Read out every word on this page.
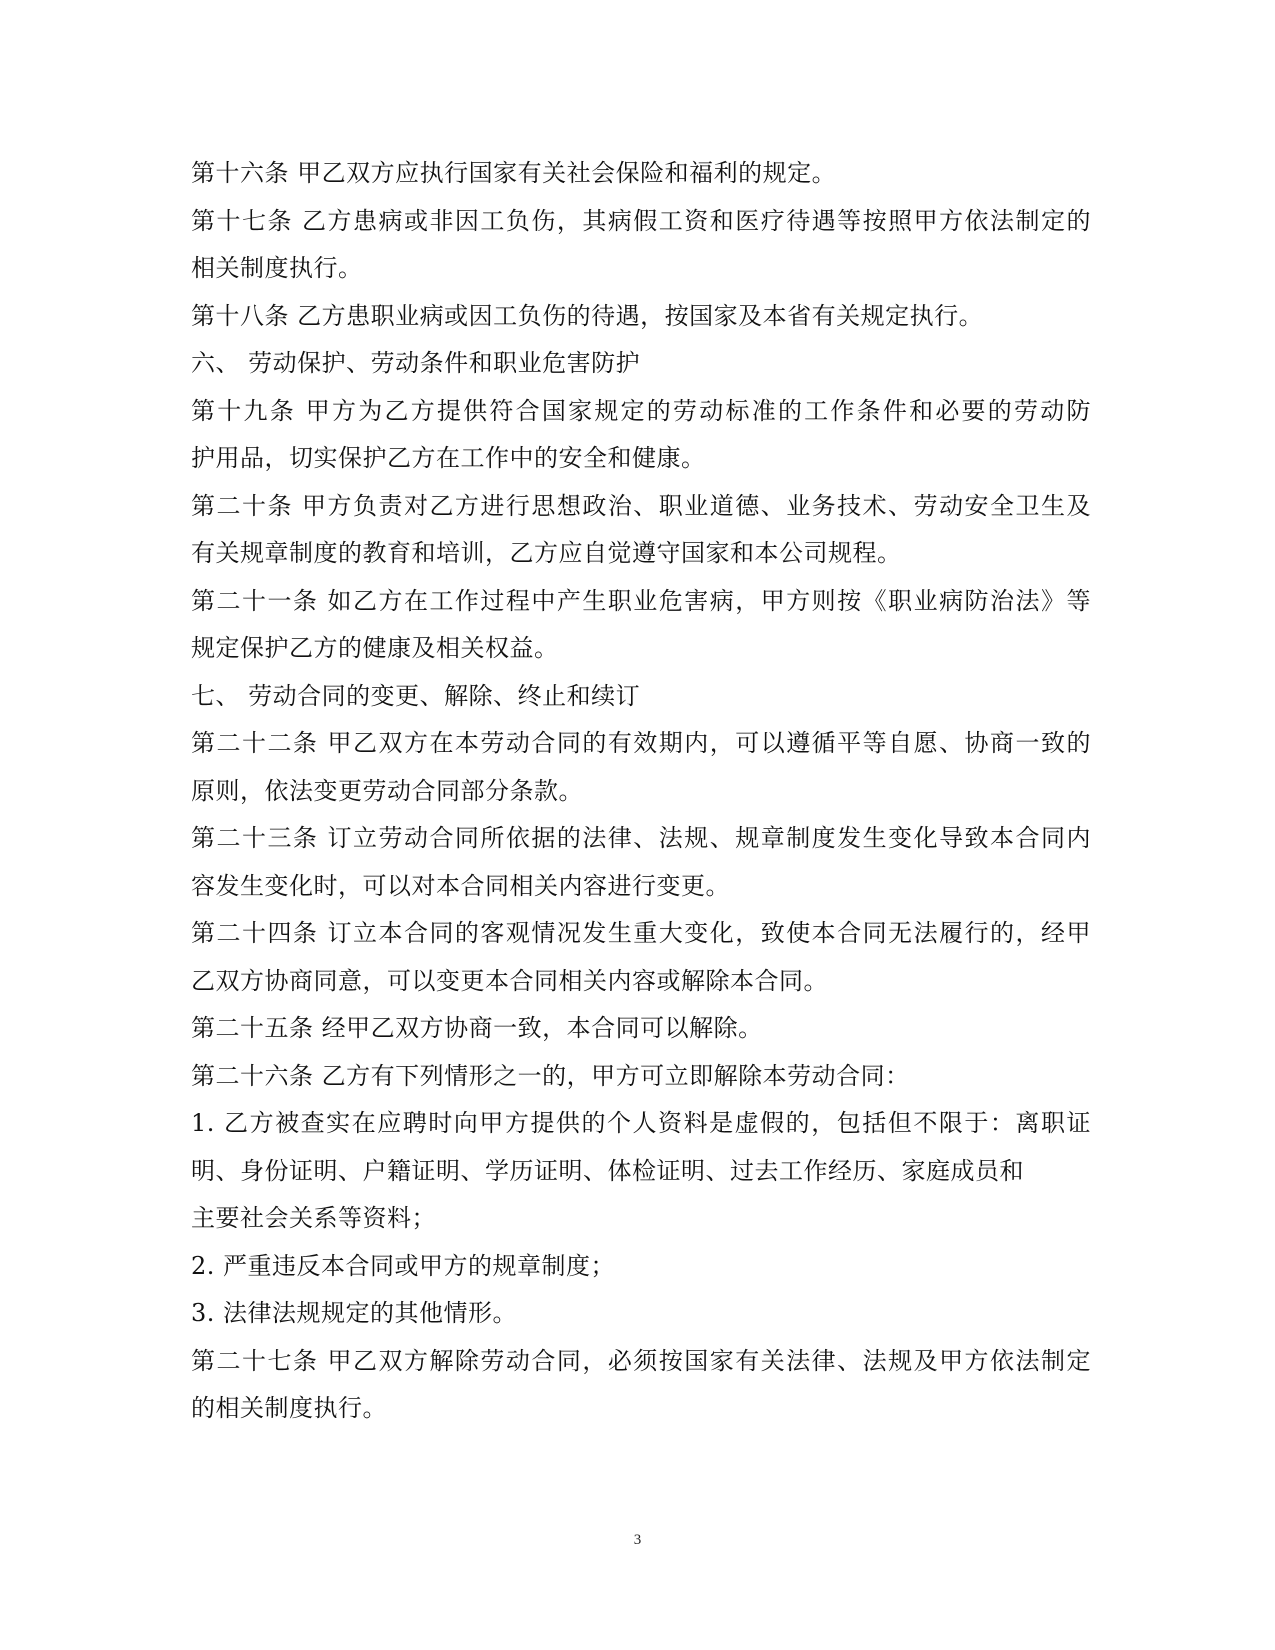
第十六条 甲乙双方应执行国家有关社会保险和福利的规定。
第十七条 乙方患病或非因工负伤，其病假工资和医疗待遇等按照甲方依法制定的
相关制度执行。
第十八条 乙方患职业病或因工负伤的待遇，按国家及本省有关规定执行。
六、 劳动保护、劳动条件和职业危害防护
第十九条 甲方为乙方提供符合国家规定的劳动标准的工作条件和必要的劳动防
护用品，切实保护乙方在工作中的安全和健康。
第二十条 甲方负责对乙方进行思想政治、职业道德、业务技术、劳动安全卫生及
有关规章制度的教育和培训，乙方应自觉遵守国家和本公司规程。
第二十一条 如乙方在工作过程中产生职业危害病，甲方则按《职业病防治法》等
规定保护乙方的健康及相关权益。
七、 劳动合同的变更、解除、终止和续订
第二十二条 甲乙双方在本劳动合同的有效期内，可以遵循平等自愿、协商一致的
原则，依法变更劳动合同部分条款。
第二十三条 订立劳动合同所依据的法律、法规、规章制度发生变化导致本合同内
容发生变化时，可以对本合同相关内容进行变更。
第二十四条 订立本合同的客观情况发生重大变化，致使本合同无法履行的，经甲
乙双方协商同意，可以变更本合同相关内容或解除本合同。
第二十五条 经甲乙双方协商一致，本合同可以解除。
第二十六条 乙方有下列情形之一的，甲方可立即解除本劳动合同：
1. 乙方被查实在应聘时向甲方提供的个人资料是虚假的，包括但不限于：离职证
明、身份证明、户籍证明、学历证明、体检证明、过去工作经历、家庭成员和
主要社会关系等资料；
2. 严重违反本合同或甲方的规章制度；
3. 法律法规规定的其他情形。
第二十七条 甲乙双方解除劳动合同，必须按国家有关法律、法规及甲方依法制定
的相关制度执行。
3
